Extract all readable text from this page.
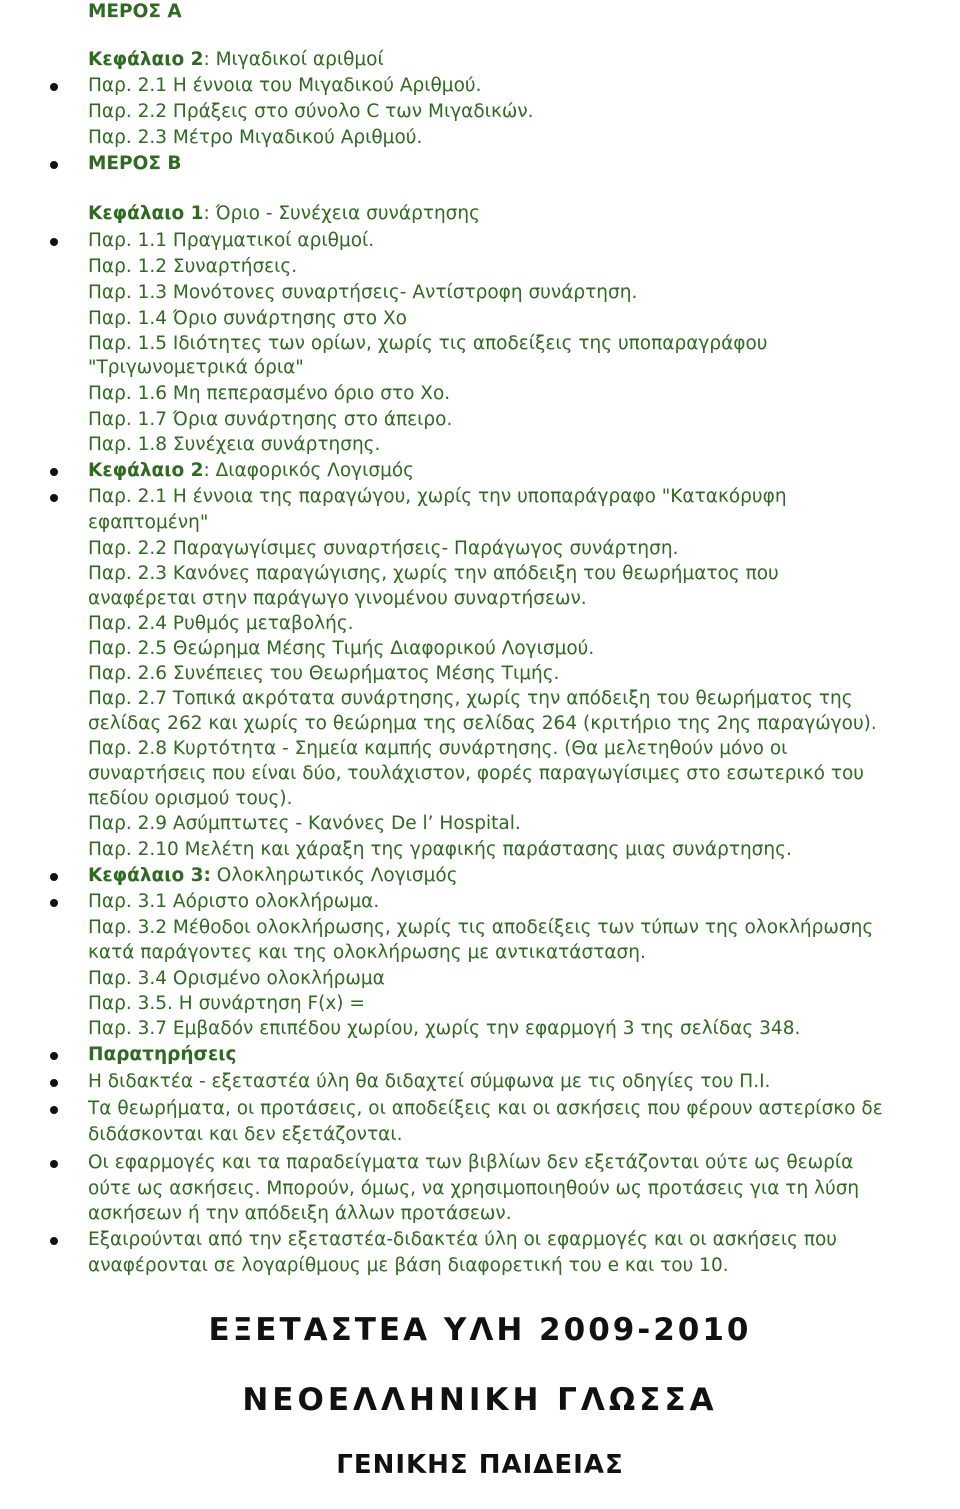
ΜΕΡΟΣ Α
Κεφάλαιο 2: Μιγαδικοί αριθμοί
Παρ. 2.1 Η έννοια του Μιγαδικού Αριθμού.
Παρ. 2.2 Πράξεις στο σύνολο C των Μιγαδικών.
Παρ. 2.3 Μέτρο Μιγαδικού Αριθμού.
ΜΕΡΟΣ Β
Κεφάλαιο 1: Όριο - Συνέχεια συνάρτησης
Παρ. 1.1 Πραγματικοί αριθμοί.
Παρ. 1.2 Συναρτήσεις.
Παρ. 1.3 Μονότονες συναρτήσεις- Αντίστροφη συνάρτηση.
Παρ. 1.4 Όριο συνάρτησης στο Χο
Παρ. 1.5 Ιδιότητες των ορίων, χωρίς τις αποδείξεις της υποπαραγράφου
"Τριγωνομετρικά όρια"
Παρ. 1.6 Μη πεπερασμένο όριο στο Χο.
Παρ. 1.7 Όρια συνάρτησης στο άπειρο.
Παρ. 1.8 Συνέχεια συνάρτησης.
Κεφάλαιο 2: Διαφορικός Λογισμός
Παρ. 2.1 Η έννοια της παραγώγου, χωρίς την υποπαράγραφο "Κατακόρυφη
εφαπτομένη"
Παρ. 2.2 Παραγωγίσιμες συναρτήσεις- Παράγωγος συνάρτηση.
Παρ. 2.3 Κανόνες παραγώγισης, χωρίς την απόδειξη του θεωρήματος που
αναφέρεται στην παράγωγο γινομένου συναρτήσεων.
Παρ. 2.4 Ρυθμός μεταβολής.
Παρ. 2.5 Θεώρημα Μέσης Τιμής Διαφορικού Λογισμού.
Παρ. 2.6 Συνέπειες του Θεωρήματος Μέσης Τιμής.
Παρ. 2.7 Τοπικά ακρότατα συνάρτησης, χωρίς την απόδειξη του θεωρήματος της
σελίδας 262 και χωρίς το θεώρημα της σελίδας 264 (κριτήριο της 2ης παραγώγου).
Παρ. 2.8 Κυρτότητα - Σημεία καμπής συνάρτησης. (Θα μελετηθούν μόνο οι
συναρτήσεις που είναι δύο, τουλάχιστον, φορές παραγωγίσιμες στο εσωτερικό του
πεδίου ορισμού τους).
Παρ. 2.9 Ασύμπτωτες - Κανόνες De l’ Hospital.
Παρ. 2.10 Μελέτη και χάραξη της γραφικής παράστασης μιας συνάρτησης.
Κεφάλαιο 3: Ολοκληρωτικός Λογισμός
Παρ. 3.1 Αόριστο ολοκλήρωμα.
Παρ. 3.2 Μέθοδοι ολοκλήρωσης, χωρίς τις αποδείξεις των τύπων της ολοκλήρωσης
κατά παράγοντες και της ολοκλήρωσης με αντικατάσταση.
Παρ. 3.4 Ορισμένο ολοκλήρωμα
Παρ. 3.5. Η συνάρτηση F(x) =
Παρ. 3.7 Εμβαδόν επιπέδου χωρίου, χωρίς την εφαρμογή 3 της σελίδας 348.
Παρατηρήσεις
Η διδακτέα - εξεταστέα ύλη θα διδαχτεί σύμφωνα με τις οδηγίες του Π.Ι.
Τα θεωρήματα, οι προτάσεις, οι αποδείξεις και οι ασκήσεις που φέρουν αστερίσκο δε
διδάσκονται και δεν εξετάζονται.
Οι εφαρμογές και τα παραδείγματα των βιβλίων δεν εξετάζονται ούτε ως θεωρία
ούτε ως ασκήσεις. Μπορούν, όμως, να χρησιμοποιηθούν ως προτάσεις για τη λύση
ασκήσεων ή την απόδειξη άλλων προτάσεων.
Εξαιρούνται από την εξεταστέα-διδακτέα ύλη οι εφαρμογές και οι ασκήσεις που
αναφέρονται σε λογαρίθμους με βάση διαφορετική του e και του 10.
ΕΞΕΤΑΣΤΕΑ ΥΛΗ 2009-2010
ΝΕΟΕΛΛΗΝΙΚΗ ΓΛΩΣΣΑ
ΓΕΝΙΚΗΣ ΠΑΙΔΕΙΑΣ
